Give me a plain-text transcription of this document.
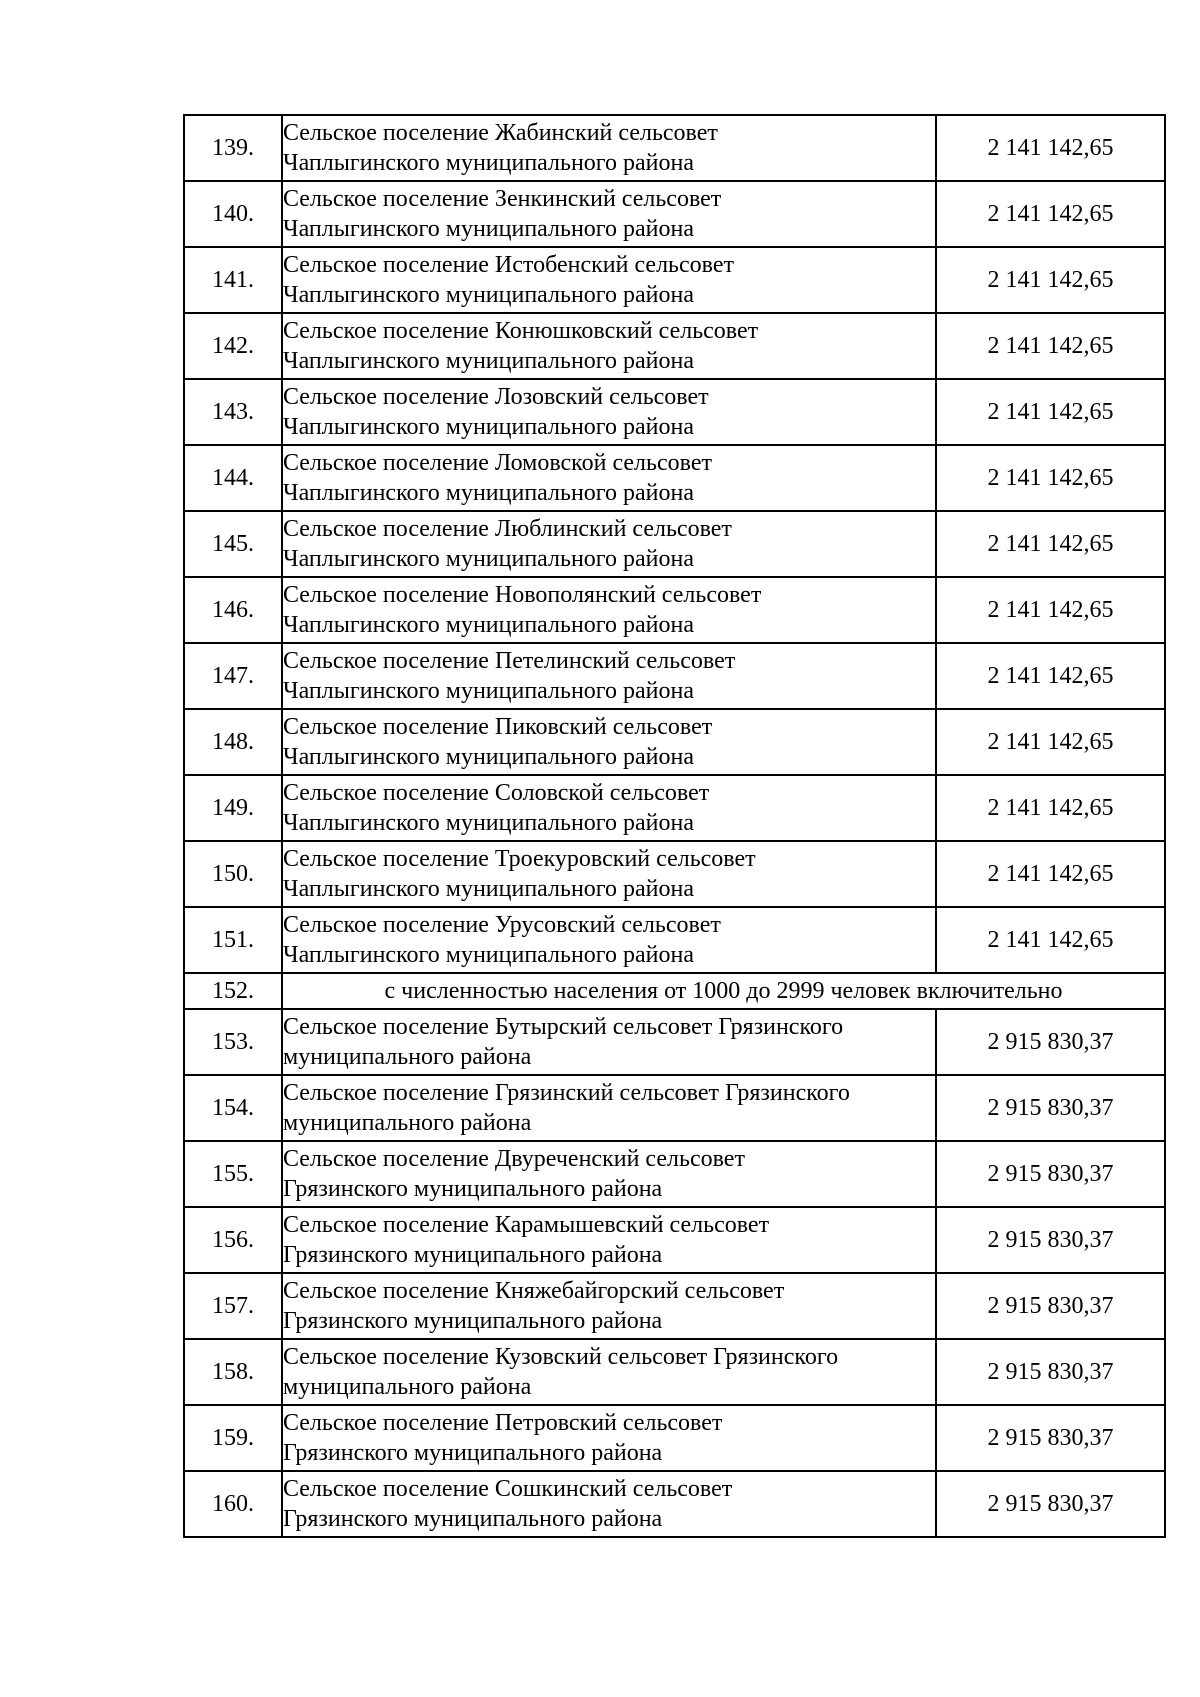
139.	Сельское поселение Жабинский сельсовет
Чаплыгинского муниципального района	2 141 142,65
140.	Сельское поселение Зенкинский сельсовет
Чаплыгинского муниципального района	2 141 142,65
141.	Сельское поселение Истобенский сельсовет
Чаплыгинского муниципального района	2 141 142,65
142.	Сельское поселение Конюшковский сельсовет
Чаплыгинского муниципального района	2 141 142,65
143.	Сельское поселение Лозовский сельсовет
Чаплыгинского муниципального района	2 141 142,65
144.	Сельское поселение Ломовской сельсовет
Чаплыгинского муниципального района	2 141 142,65
145.	Сельское поселение Люблинский сельсовет
Чаплыгинского муниципального района	2 141 142,65
146.	Сельское поселение Новополянский сельсовет
Чаплыгинского муниципального района	2 141 142,65
147.	Сельское поселение Петелинский сельсовет
Чаплыгинского муниципального района	2 141 142,65
148.	Сельское поселение Пиковский сельсовет
Чаплыгинского муниципального района	2 141 142,65
149.	Сельское поселение Соловской сельсовет
Чаплыгинского муниципального района	2 141 142,65
150.	Сельское поселение Троекуровский сельсовет
Чаплыгинского муниципального района	2 141 142,65
151.	Сельское поселение Урусовский сельсовет
Чаплыгинского муниципального района	2 141 142,65
152.	с численностью населения от 1000 до 2999 человек включительно	
153.	Сельское поселение Бутырский сельсовет Грязинского
муниципального района	2 915 830,37
154.	Сельское поселение Грязинский сельсовет Грязинского
муниципального района	2 915 830,37
155.	Сельское поселение Двуреченский сельсовет
Грязинского муниципального района	2 915 830,37
156.	Сельское поселение Карамышевский сельсовет
Грязинского муниципального района	2 915 830,37
157.	Сельское поселение Княжебайгорский сельсовет
Грязинского муниципального района	2 915 830,37
158.	Сельское поселение Кузовский сельсовет Грязинского
муниципального района	2 915 830,37
159.	Сельское поселение Петровский сельсовет
Грязинского муниципального района	2 915 830,37
160.	Сельское поселение Сошкинский сельсовет
Грязинского муниципального района	2 915 830,37
